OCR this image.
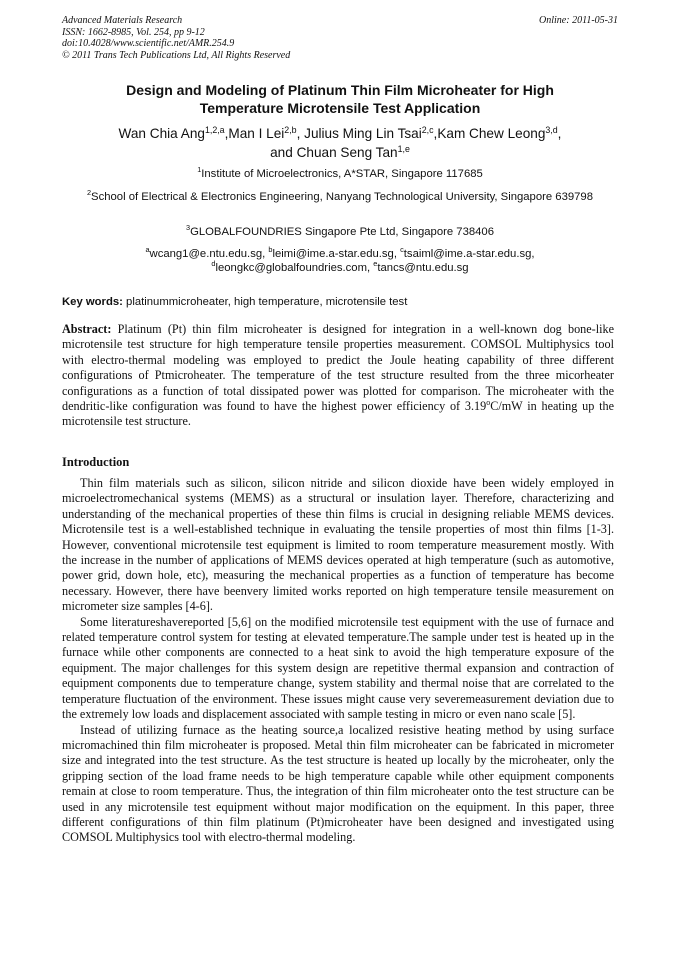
Advanced Materials Research
ISSN: 1662-8985, Vol. 254, pp 9-12
doi:10.4028/www.scientific.net/AMR.254.9
© 2011 Trans Tech Publications Ltd, All Rights Reserved
Online: 2011-05-31
Design and Modeling of Platinum Thin Film Microheater for High
Temperature Microtensile Test Application
Wan Chia Ang$^{1,2,a}$,Man I Lei$^{2,b}$, Julius Ming Lin Tsai$^{2,c}$,Kam Chew Leong$^{3,d}$,
and Chuan Seng Tan$^{1,e}$
$^1$Institute of Microelectronics, A*STAR, Singapore 117685
$^2$School of Electrical & Electronics Engineering, Nanyang Technological University, Singapore 639798
$^3$GLOBALFOUNDRIES Singapore Pte Ltd, Singapore 738406
$^a$wcang1@e.ntu.edu.sg, $^b$leimi@ime.a-star.edu.sg, $^c$tsaiml@ime.a-star.edu.sg,
$^d$leongkc@globalfoundries.com, $^e$tancs@ntu.edu.sg
Key words: platinummicroheater, high temperature, microtensile test
Abstract: Platinum (Pt) thin film microheater is designed for integration in a well-known dog bone-like microtensile test structure for high temperature tensile properties measurement. COMSOL Multiphysics tool with electro-thermal modeling was employed to predict the Joule heating capability of three different configurations of Ptmicroheater. The temperature of the test structure resulted from the three micorheater configurations as a function of total dissipated power was plotted for comparison. The microheater with the dendritic-like configuration was found to have the highest power efficiency of 3.19$^o$C/mW in heating up the microtensile test structure.
Introduction

Thin film materials such as silicon, silicon nitride and silicon dioxide have been widely employed in microelectromechanical systems (MEMS) as a structural or insulation layer. Therefore, characterizing and understanding of the mechanical properties of these thin films is crucial in designing reliable MEMS devices. Microtensile test is a well-established technique in evaluating the tensile properties of most thin films [1-3]. However, conventional microtensile test equipment is limited to room temperature measurement mostly. With the increase in the number of applications of MEMS devices operated at high temperature (such as automotive, power grid, down hole, etc), measuring the mechanical properties as a function of temperature has become necessary. However, there have beenvery limited works reported on high temperature tensile measurement on micrometer size samples [4-6].

Some literatureshavereported [5,6] on the modified microtensile test equipment with the use of furnace and related temperature control system for testing at elevated temperature.The sample under test is heated up in the furnace while other components are connected to a heat sink to avoid the high temperature exposure of the equipment. The major challenges for this system design are repetitive thermal expansion and contraction of equipment components due to temperature change, system stability and thermal noise that are correlated to the temperature fluctuation of the environment. These issues might cause very severemeasurement deviation due to the extremely low loads and displacement associated with sample testing in micro or even nano scale [5].

Instead of utilizing furnace as the heating source,a localized resistive heating method by using surface micromachined thin film microheater is proposed. Metal thin film microheater can be fabricated in micrometer size and integrated into the test structure. As the test structure is heated up locally by the microheater, only the gripping section of the load frame needs to be high temperature capable while other equipment components remain at close to room temperature. Thus, the integration of thin film microheater onto the test structure can be used in any microtensile test equipment without major modification on the equipment. In this paper, three different configurations of thin film platinum (Pt)microheater have been designed and investigated using COMSOL Multiphysics tool with electro-thermal modeling.
